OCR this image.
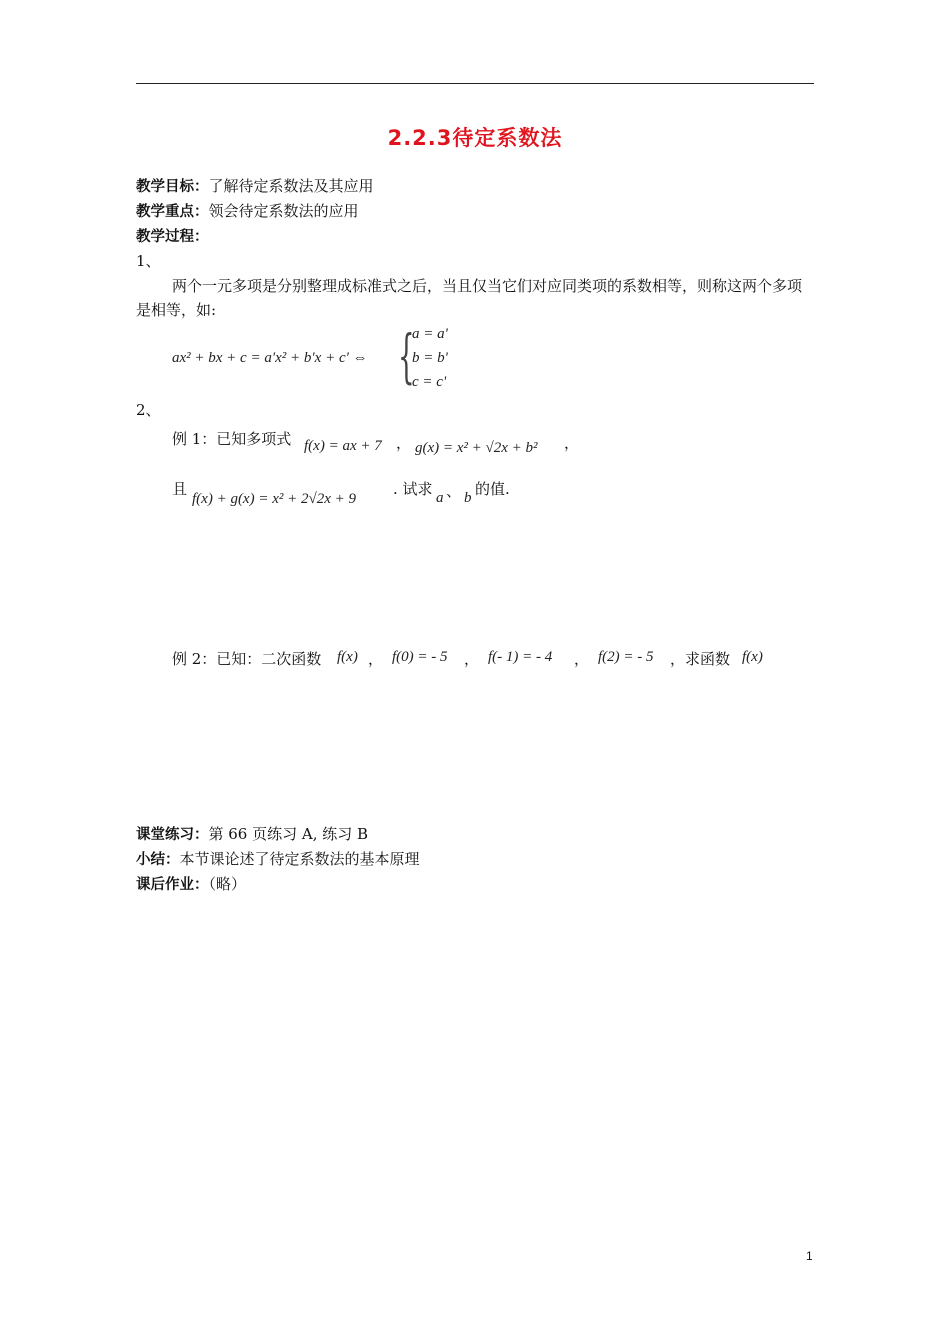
2.2.3待定系数法
教学目标：了解待定系数法及其应用
教学重点：领会待定系数法的应用
教学过程：
1、
两个一元多项是分别整理成标准式之后，当且仅当它们对应同类项的系数相等，则称这两个多项是相等，如:
ax² + bx + c = a′x² + b′x + c′ ⇔ {
a = a'
b = b'
c = c'
2、
例 1：已知多项式 f(x) = ax + 7 ， g(x) = x² + √2x + b² ，
且
f(x) + g(x) = x² + 2√2x + 9
. 试求 a 、 b 的值.
例 2：已知：二次函数 f(x) ， f(0) = - 5 ， f(- 1) = - 4 ， f(2) = - 5 ，求函数 f(x)
课堂练习：第 66 页练习 A, 练习 B
小结：本节课论述了待定系数法的基本原理
课后作业：（略）
1
